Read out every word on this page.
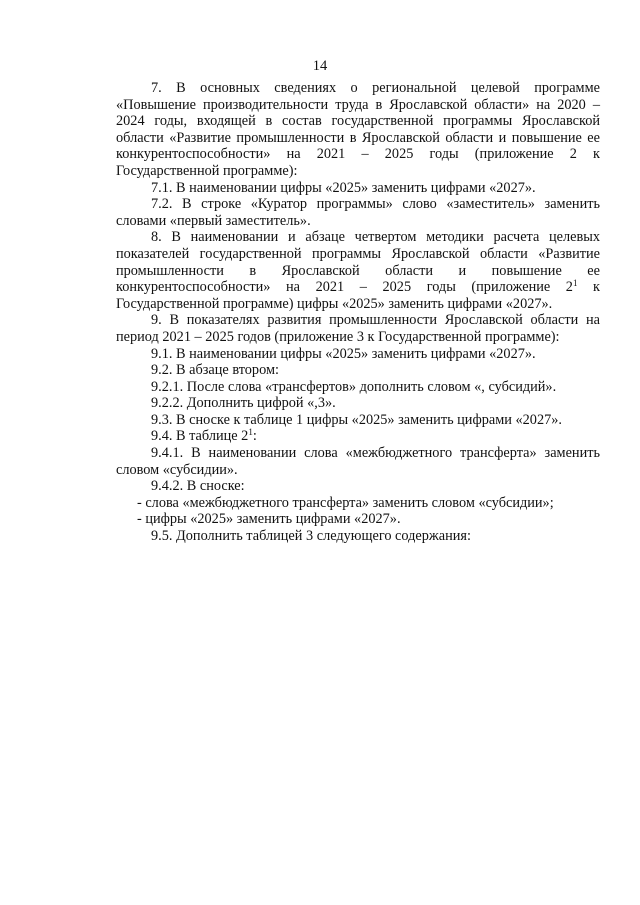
14

7. В основных сведениях о региональной целевой программе «Повышение производительности труда в Ярославской области» на 2020 – 2024 годы, входящей в состав государственной программы Ярославской области «Развитие промышленности в Ярославской области и повышение ее конкурентоспособности» на 2021 – 2025 годы (приложение 2 к Государственной программе):

7.1. В наименовании цифры «2025» заменить цифрами «2027».

7.2. В строке «Куратор программы» слово «заместитель» заменить словами «первый заместитель».

8. В наименовании и абзаце четвертом методики расчета целевых показателей государственной программы Ярославской области «Развитие промышленности в Ярославской области и повышение ее конкурентоспособности» на 2021 – 2025 годы (приложение $2^1$ к Государственной программе) цифры «2025» заменить цифрами «2027».

9. В показателях развития промышленности Ярославской области на период 2021 – 2025 годов (приложение 3 к Государственной программе):

9.1. В наименовании цифры «2025» заменить цифрами «2027».

9.2. В абзаце втором:

9.2.1. После слова «трансфертов» дополнить словом «, субсидий».

9.2.2. Дополнить цифрой «,3».

9.3. В сноске к таблице 1 цифры «2025» заменить цифрами «2027».

9.4. В таблице $2^1$:

9.4.1. В наименовании слова «межбюджетного трансферта» заменить словом «субсидии».

9.4.2. В сноске:

- слова «межбюджетного трансферта» заменить словом «субсидии»;

- цифры «2025» заменить цифрами «2027».

9.5. Дополнить таблицей 3 следующего содержания:
